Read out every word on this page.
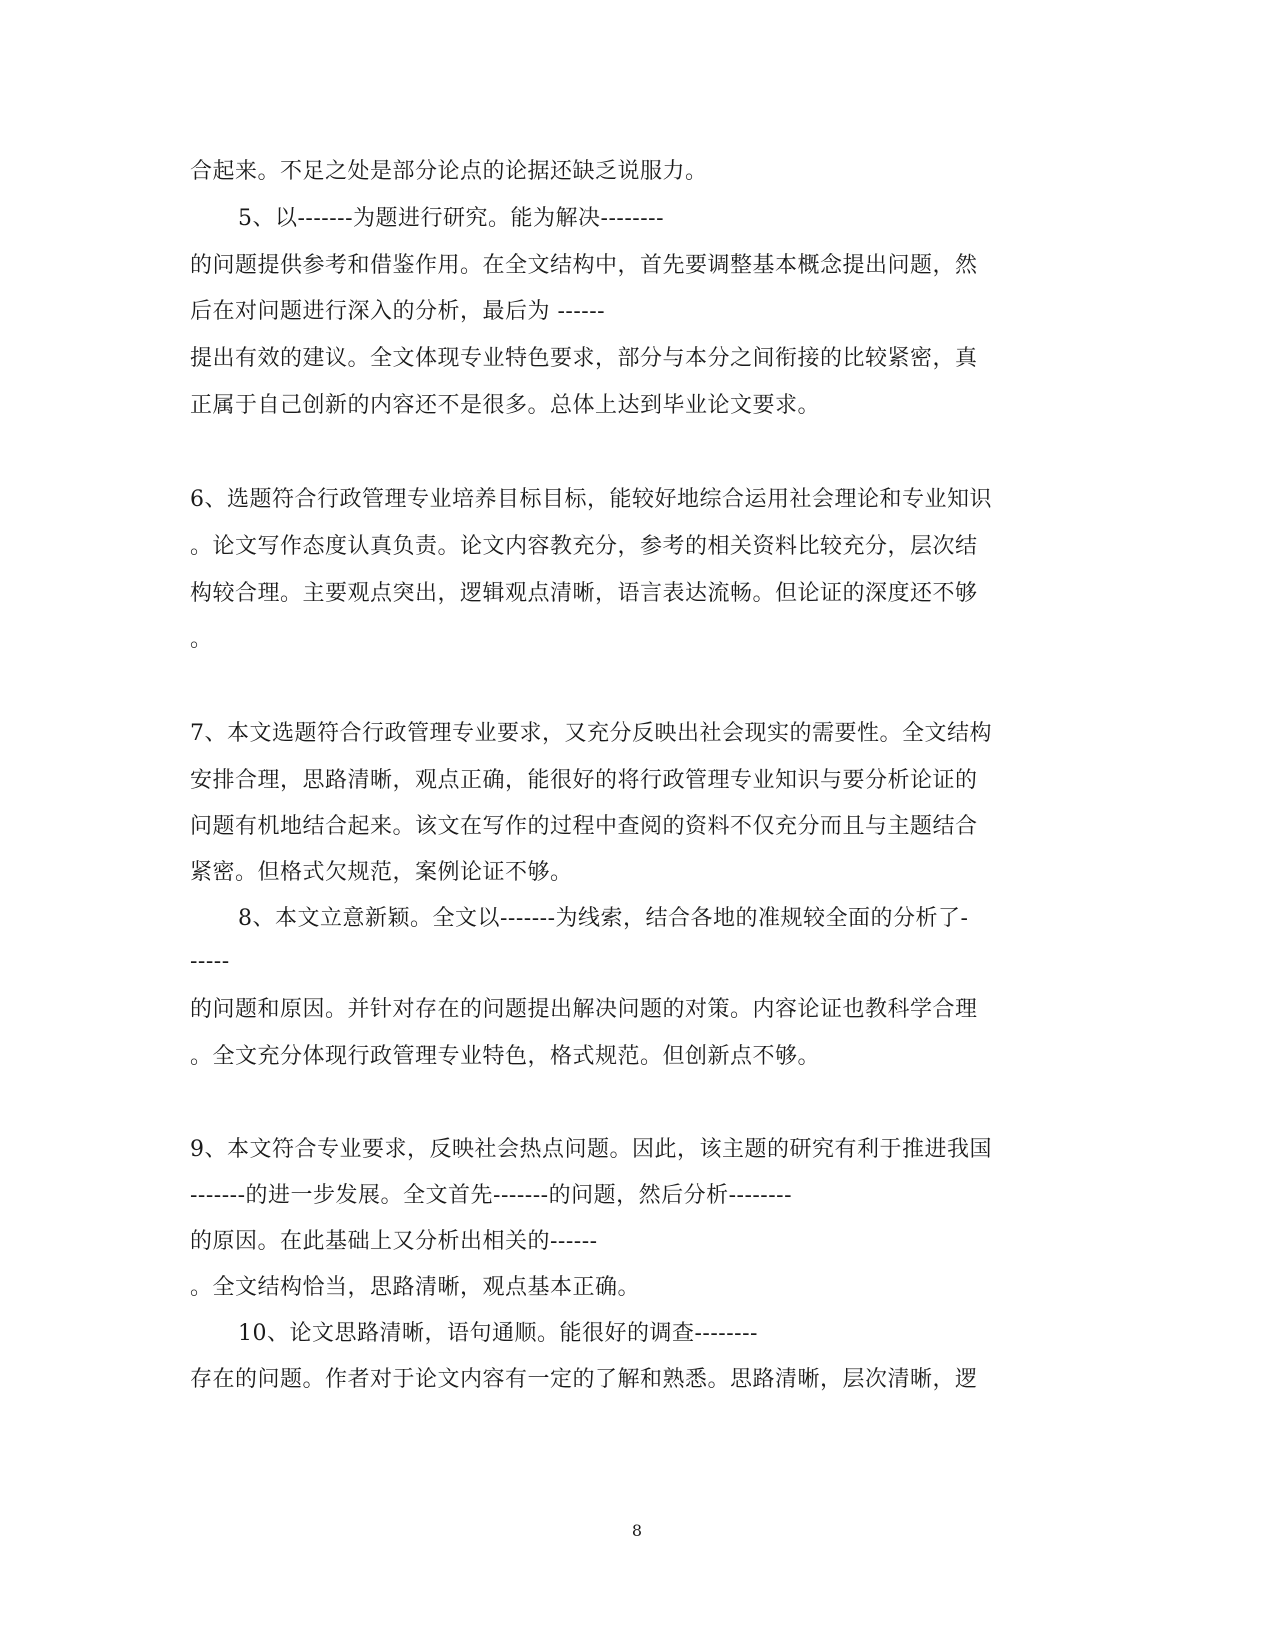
合起来。不足之处是部分论点的论据还缺乏说服力。
5、以-------为题进行研究。能为解决--------
的问题提供参考和借鉴作用。在全文结构中，首先要调整基本概念提出问题，然
后在对问题进行深入的分析，最后为 ------
提出有效的建议。全文体现专业特色要求，部分与本分之间衔接的比较紧密，真
正属于自己创新的内容还不是很多。总体上达到毕业论文要求。
6、选题符合行政管理专业培养目标目标，能较好地综合运用社会理论和专业知识
。论文写作态度认真负责。论文内容教充分，参考的相关资料比较充分，层次结
构较合理。主要观点突出，逻辑观点清晰，语言表达流畅。但论证的深度还不够
。
7、本文选题符合行政管理专业要求，又充分反映出社会现实的需要性。全文结构
安排合理，思路清晰，观点正确，能很好的将行政管理专业知识与要分析论证的
问题有机地结合起来。该文在写作的过程中查阅的资料不仅充分而且与主题结合
紧密。但格式欠规范，案例论证不够。
8、本文立意新颖。全文以-------为线索，结合各地的准规较全面的分析了-
-----
的问题和原因。并针对存在的问题提出解决问题的对策。内容论证也教科学合理
。全文充分体现行政管理专业特色，格式规范。但创新点不够。
9、本文符合专业要求，反映社会热点问题。因此，该主题的研究有利于推进我国
-------的进一步发展。全文首先-------的问题，然后分析--------
的原因。在此基础上又分析出相关的------
。全文结构恰当，思路清晰，观点基本正确。
10、论文思路清晰，语句通顺。能很好的调查--------
存在的问题。作者对于论文内容有一定的了解和熟悉。思路清晰，层次清晰，逻
8
